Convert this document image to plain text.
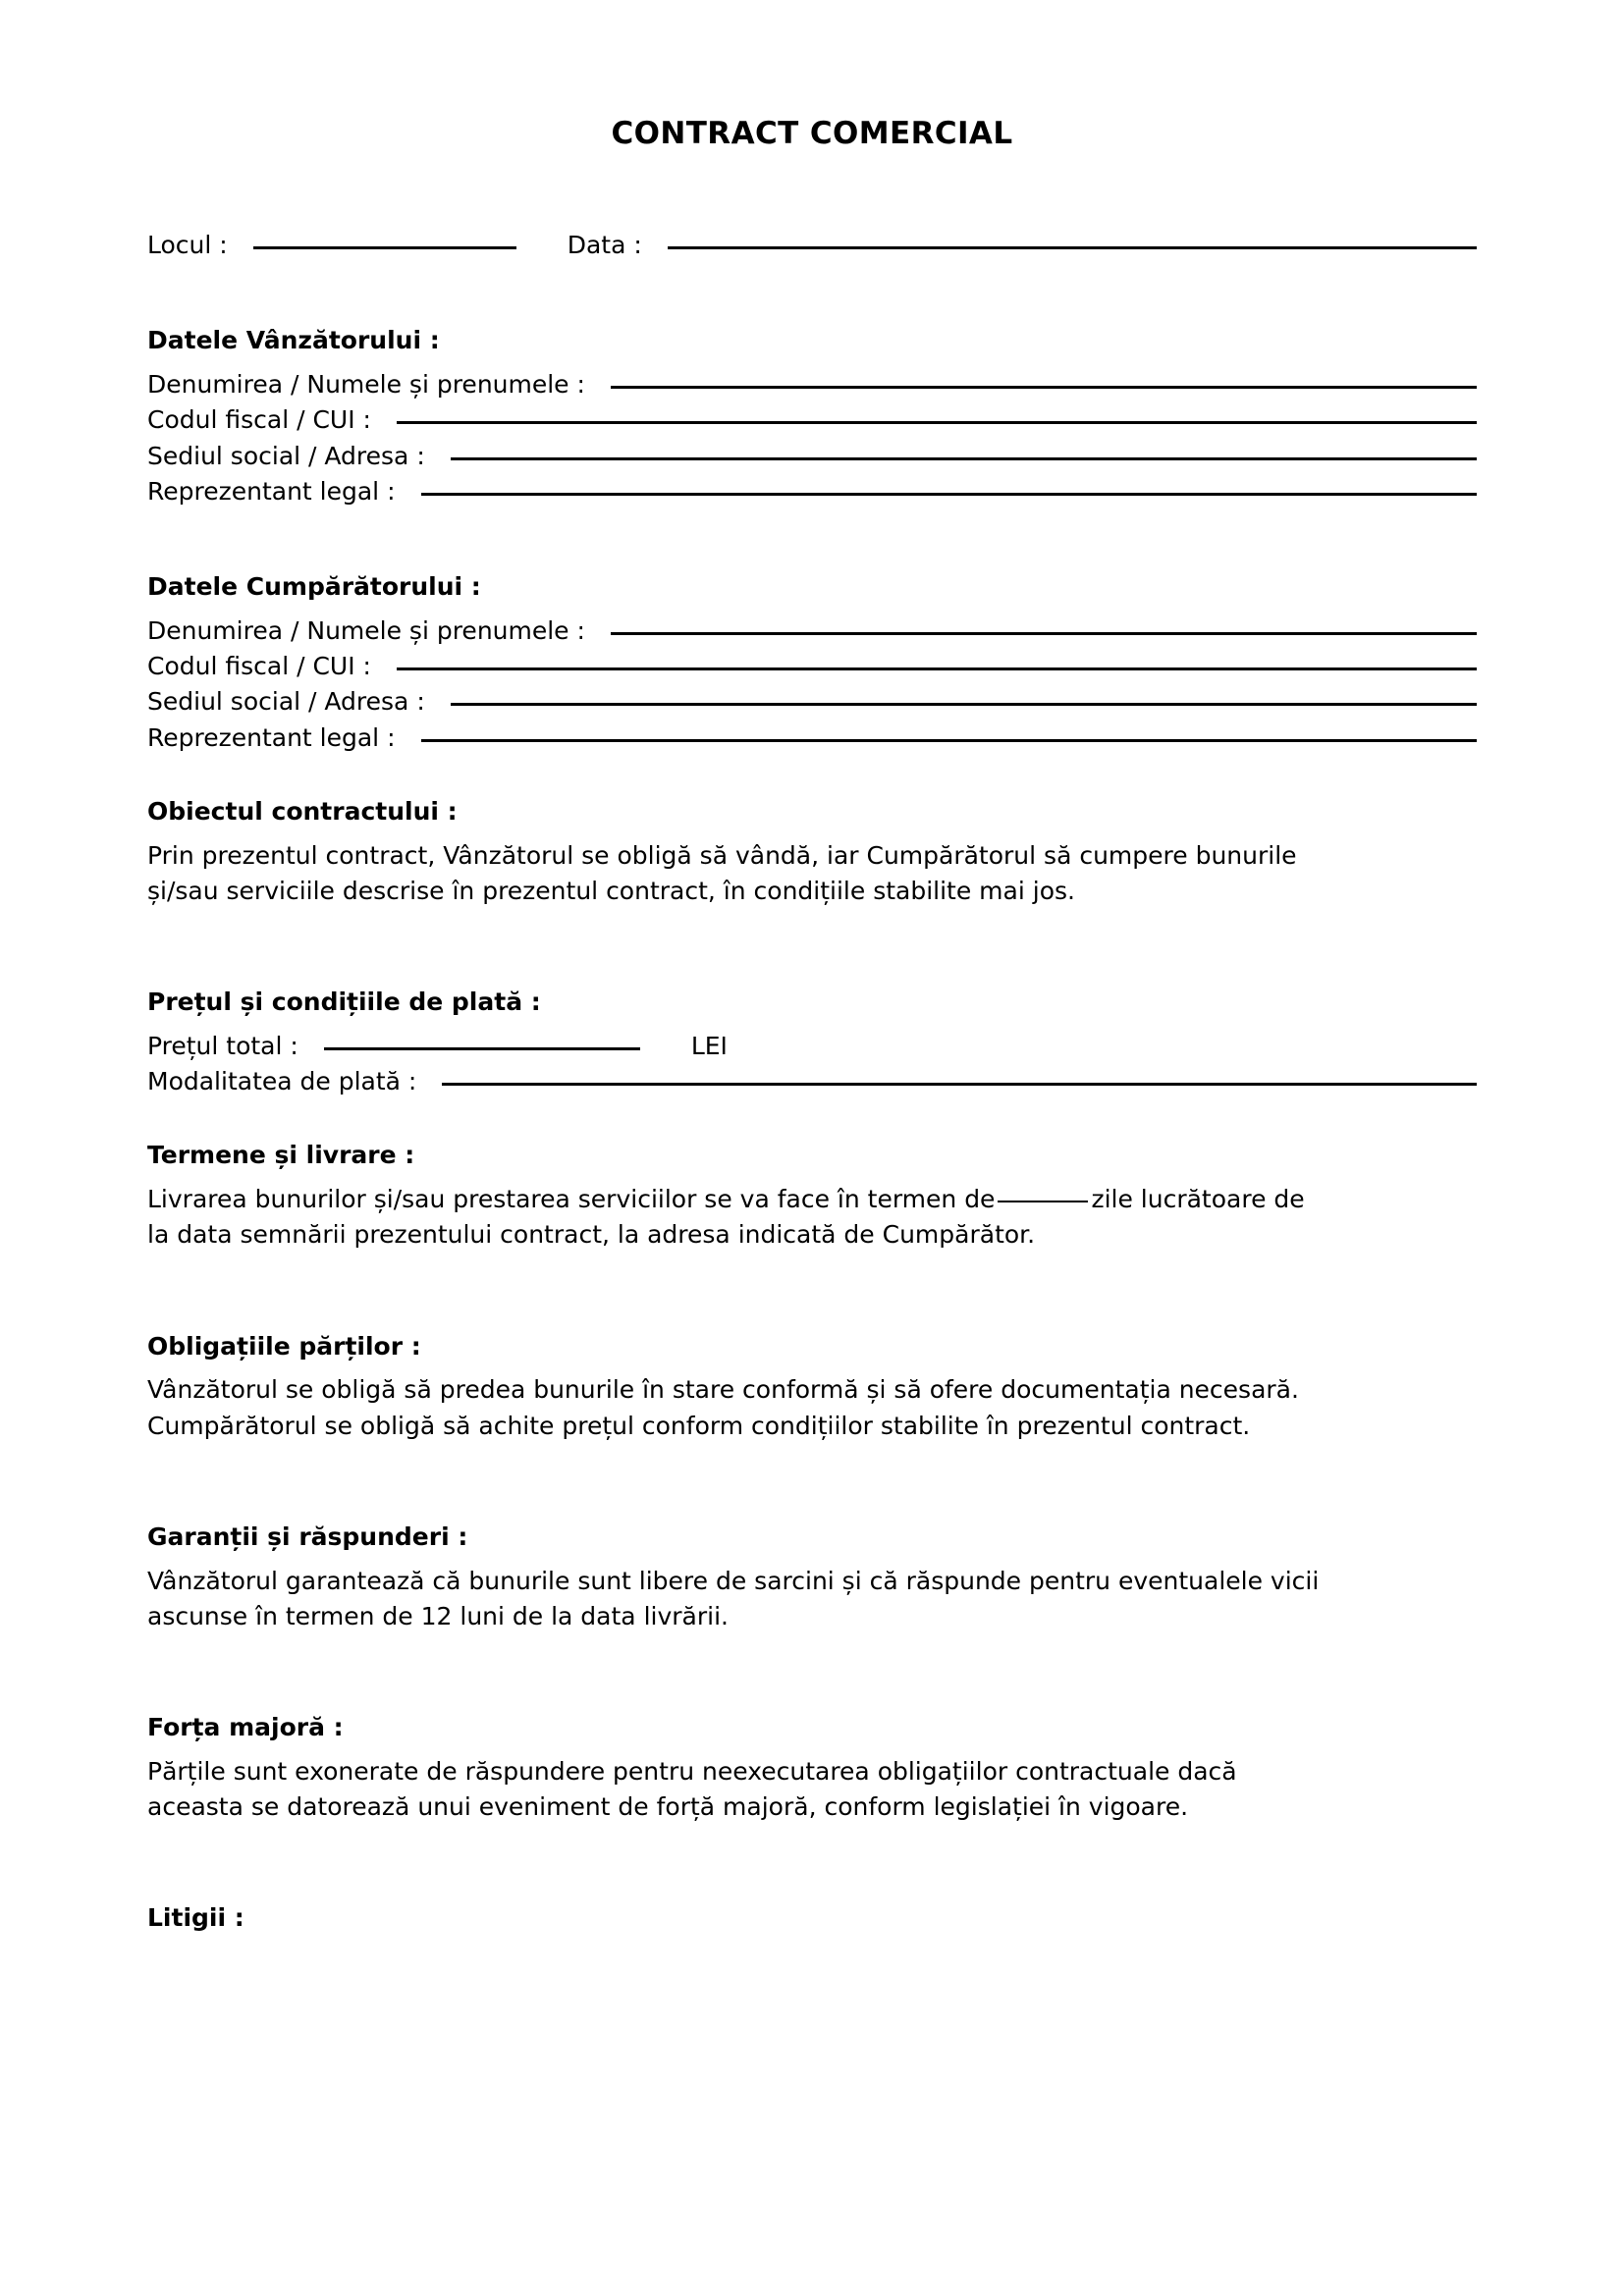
CONTRACT COMERCIAL
Locul :	Data :

Datele Vânzătorului :

Denumirea / Numele și prenumele :
Codul fiscal / CUI :
Sediul social / Adresa :
Reprezentant legal :

Datele Cumpărătorului :

Denumirea / Numele și prenumele :
Codul fiscal / CUI :
Sediul social / Adresa :
Reprezentant legal :

Obiectul contractului :

Prin prezentul contract, Vânzătorul se obligă să vândă, iar Cumpărătorul să cumpere bunurile

și/sau serviciile descrise în prezentul contract, în condițiile stabilite mai jos.

Prețul și condițiile de plată :

Prețul total :	LEI
Modalitatea de plată :

Termene și livrare :

Livrarea bunurilor și/sau prestarea serviciilor se va face în termen de	zile lucrătoare de

la data semnării prezentului contract, la adresa indicată de Cumpărător.

Obligațiile părților :

Vânzătorul se obligă să predea bunurile în stare conformă și să ofere documentația necesară.

Cumpărătorul se obligă să achite prețul conform condițiilor stabilite în prezentul contract.

Garanții și răspunderi :

Vânzătorul garantează că bunurile sunt libere de sarcini și că răspunde pentru eventualele vicii

ascunse în termen de 12 luni de la data livrării.

Forța majoră :

Părțile sunt exonerate de răspundere pentru neexecutarea obligațiilor contractuale dacă

aceasta se datorează unui eveniment de forță majoră, conform legislației în vigoare.

Litigii :
